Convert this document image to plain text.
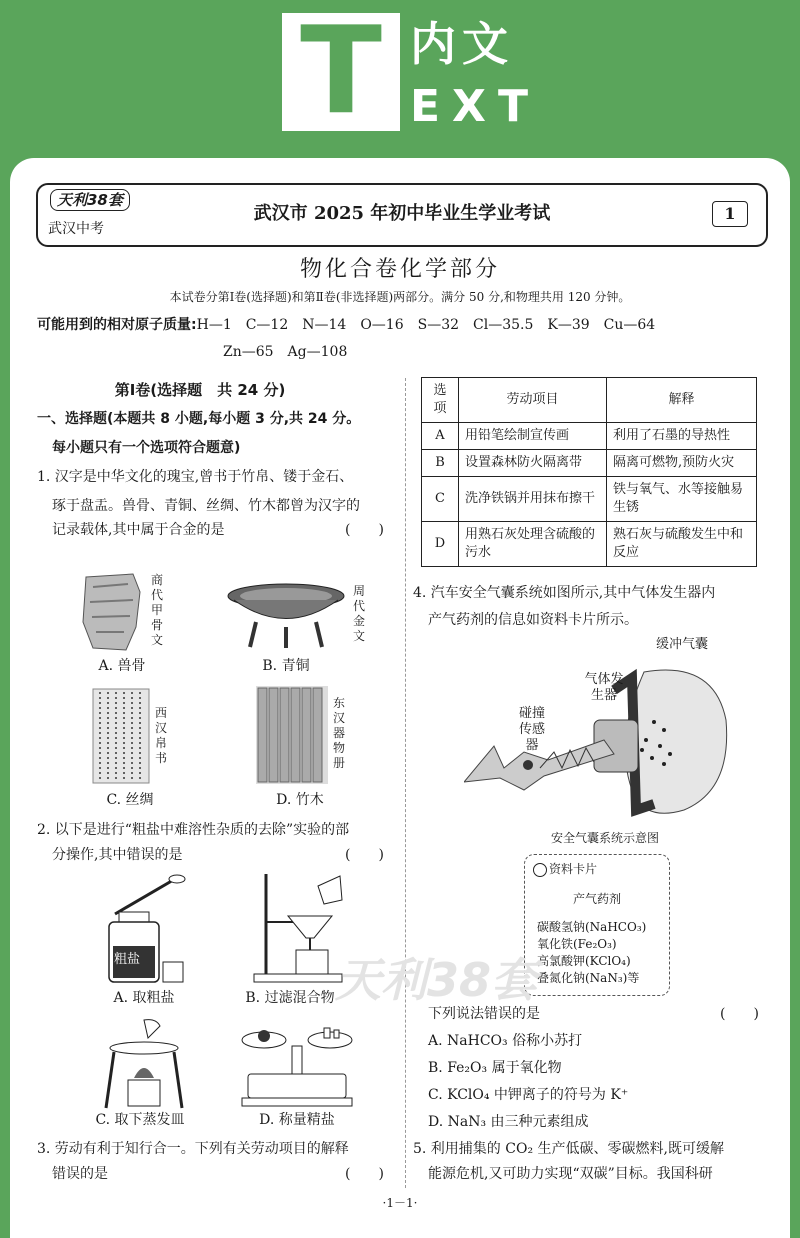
T 内文
EXT
天利38套
武汉中考
武汉市 2025 年初中毕业生学业考试	1
物化合卷化学部分
本试卷分第Ⅰ卷(选择题)和第Ⅱ卷(非选择题)两部分。满分 50 分,和物理共用 120 分钟。
可能用到的相对原子质量:H—1　C—12　N—14　O—16　S—32　Cl—35.5　K—39　Cu—64
Zn—65　Ag—108
第Ⅰ卷(选择题　共 24 分)
一、选择题(本题共 8 小题,每小题 3 分,共 24 分。
每小题只有一个选项符合题意)
1. 汉字是中华文化的瑰宝,曾书于竹帛、镂于金石、
琢于盘盂。兽骨、青铜、丝绸、竹木都曾为汉字的
记录载体,其中属于合金的是	(　　)
商代甲骨文
A. 兽骨
周代金文
B. 青铜
西汉帛书
C. 丝绸
东汉器物册
D. 竹木
2. 以下是进行“粗盐中难溶性杂质的去除”实验的部
分操作,其中错误的是	(　　)
粗盐
A. 取粗盐	B. 过滤混合物
C. 取下蒸发皿	D. 称量精盐
3. 劳动有利于知行合一。下列有关劳动项目的解释
错误的是	(　　)
选项	劳动项目	解释
A	用铅笔绘制宣传画	利用了石墨的导热性
B	设置森林防火隔离带	隔离可燃物,预防火灾
C	洗净铁锅并用抹布擦干	铁与氧气、水等接触易生锈
D	用熟石灰处理含硫酸的污水	熟石灰与硫酸发生中和反应
4. 汽车安全气囊系统如图所示,其中气体发生器内
产气药剂的信息如资料卡片所示。
缓冲气囊
气体发生器
碰撞传感器
安全气囊系统示意图
资料卡片
产气药剂
碳酸氢钠(NaHCO₃)
氧化铁(Fe₂O₃)
高氯酸钾(KClO₄)
叠氮化钠(NaN₃)等
天利38套
下列说法错误的是	(　　)
A. NaHCO₃ 俗称小苏打
B. Fe₂O₃ 属于氧化物
C. KClO₄ 中钾离子的符号为 K⁺
D. NaN₃ 由三种元素组成
5. 利用捕集的 CO₂ 生产低碳、零碳燃料,既可缓解
能源危机,又可助力实现“双碳”目标。我国科研
·1－1·
